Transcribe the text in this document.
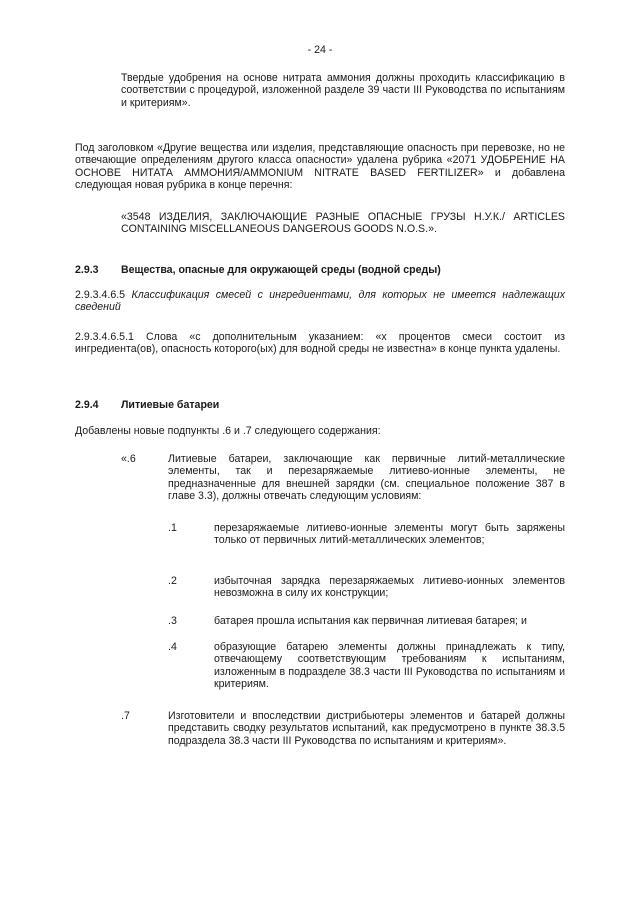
- 24 -
Твердые удобрения на основе нитрата аммония должны проходить классификацию в соответствии с процедурой, изложенной разделе 39 части III Руководства по испытаниям и критериям».
Под заголовком «Другие вещества или изделия, представляющие опасность при перевозке, но не отвечающие определениям другого класса опасности» удалена рубрика «2071 УДОБРЕНИЕ НА ОСНОВЕ НИТАТА АММОНИЯ/AMMONIUM NITRATE BASED FERTILIZER» и добавлена следующая новая рубрика в конце перечня:
«3548 ИЗДЕЛИЯ, ЗАКЛЮЧАЮЩИЕ РАЗНЫЕ ОПАСНЫЕ ГРУЗЫ Н.У.К./ ARTICLES CONTAINING MISCELLANEOUS DANGEROUS GOODS N.O.S.».
2.9.3 Вещества, опасные для окружающей среды (водной среды)
2.9.3.4.6.5 Классификация смесей с ингредиентами, для которых не имеется надлежащих сведений
2.9.3.4.6.5.1 Слова «с дополнительным указанием: «х процентов смеси состоит из ингредиента(ов), опасность которого(ых) для водной среды не известна» в конце пункта удалены.
2.9.4 Литиевые батареи
Добавлены новые подпункты .6 и .7 следующего содержания:
«.6	Литиевые батареи, заключающие как первичные литий-металлические элементы, так и перезаряжаемые литиево-ионные элементы, не предназначенные для внешней зарядки (см. специальное положение 387 в главе 3.3), должны отвечать следующим условиям:
.1	перезаряжаемые литиево-ионные элементы могут быть заряжены только от первичных литий-металлических элементов;
.2	избыточная зарядка перезаряжаемых литиево-ионных элементов невозможна в силу их конструкции;
.3	батарея прошла испытания как первичная литиевая батарея; и
.4	образующие батарею элементы должны принадлежать к типу, отвечающему соответствующим требованиям к испытаниям, изложенным в подразделе 38.3 части III Руководства по испытаниям и критериям.
.7	Изготовители и впоследствии дистрибьютеры элементов и батарей должны представить сводку результатов испытаний, как предусмотрено в пункте 38.3.5 подраздела 38.3 части III Руководства по испытаниям и критериям».
